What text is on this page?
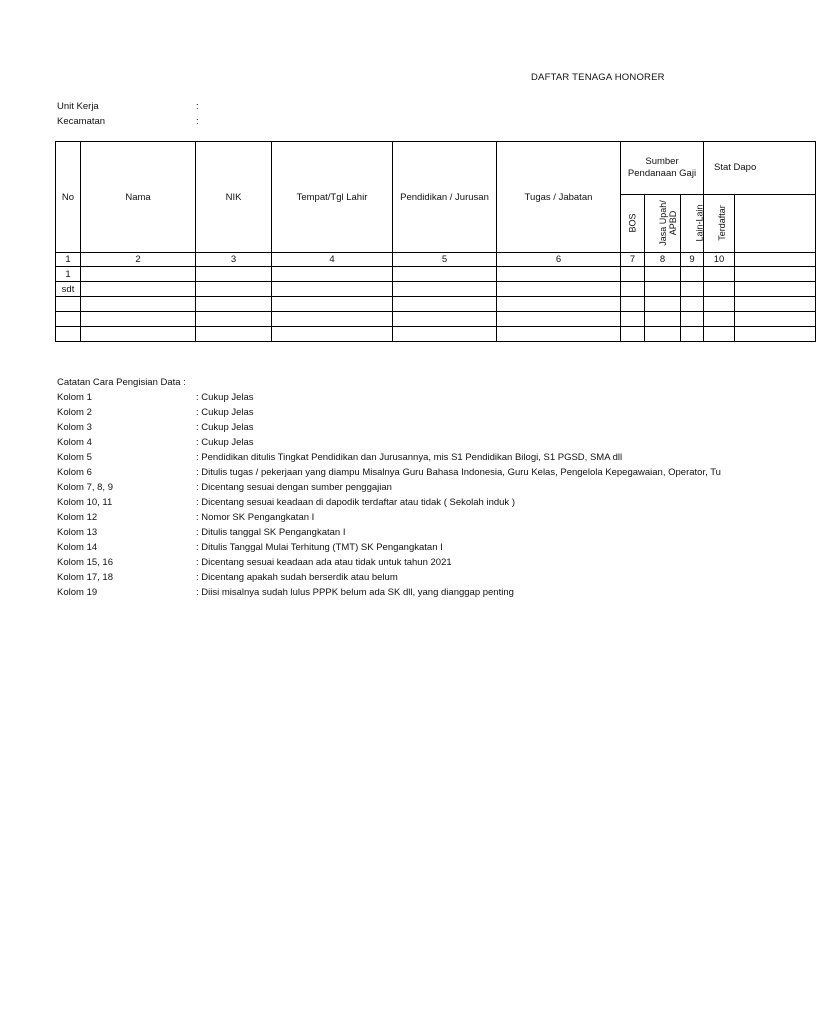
DAFTAR TENAGA HONORER
Unit Kerja	:
Kecamatan	:
No	Nama	NIK	Tempat/Tgl Lahir	Pendidikan / Jurusan	Tugas / Jabatan	Sumber Pendanaan Gaji			Stat Dapo	
						BOS	Jasa Upah/ APBD	Lain-Lain	Terdaftar	
1	2	3	4	5	6	7	8	9	10	
1										
sdt										

Catatan Cara Pengisian Data :
Kolom 1	: Cukup Jelas
Kolom 2	: Cukup Jelas
Kolom 3	: Cukup Jelas
Kolom 4	: Cukup Jelas
Kolom 5	: Pendidikan ditulis Tingkat Pendidikan dan Jurusannya, mis S1 Pendidikan Bilogi, S1 PGSD, SMA dll
Kolom 6	: Ditulis tugas / pekerjaan yang diampu Misalnya Guru Bahasa Indonesia, Guru Kelas, Pengelola Kepegawaian, Operator, Tu
Kolom 7, 8, 9	: Dicentang sesuai dengan sumber penggajian
Kolom 10, 11	: Dicentang sesuai keadaan di dapodik terdaftar atau tidak ( Sekolah induk )
Kolom 12	: Nomor SK Pengangkatan I
Kolom 13	: Ditulis tanggal SK Pengangkatan I
Kolom 14	: Ditulis Tanggal Mulai Terhitung (TMT) SK Pengangkatan I
Kolom 15, 16	: Dicentang sesuai keadaan ada atau tidak untuk tahun 2021
Kolom 17, 18	: Dicentang apakah sudah berserdik atau belum
Kolom 19	: Diisi misalnya sudah lulus PPPK belum ada SK dll, yang dianggap penting
